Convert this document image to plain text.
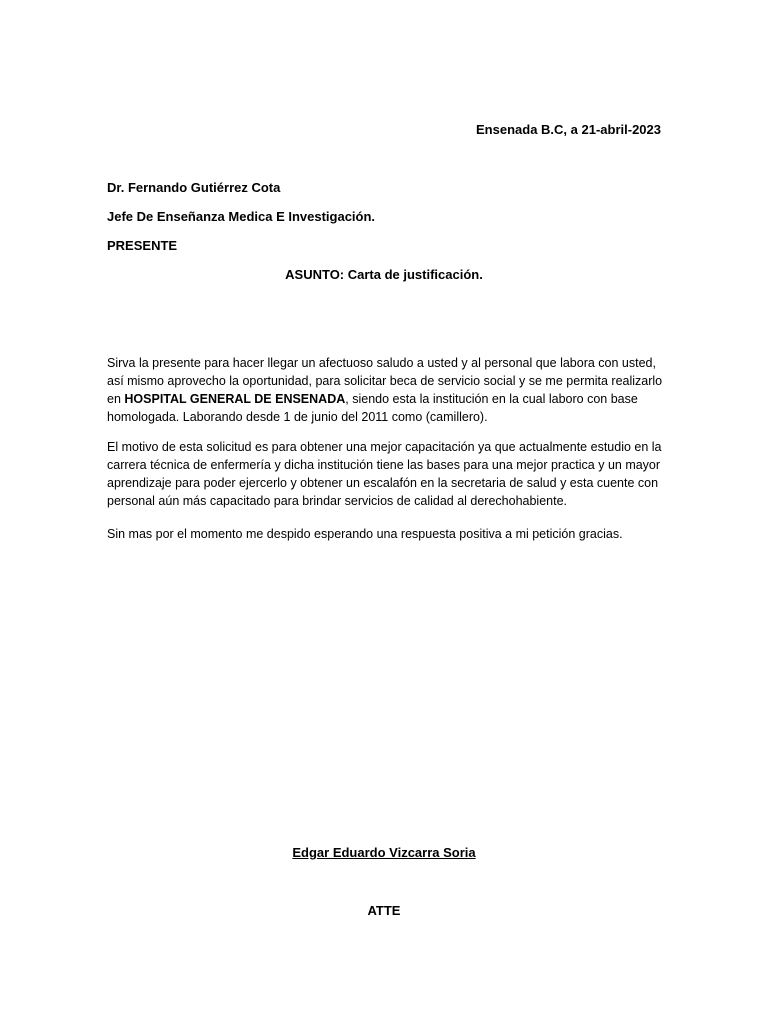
Ensenada B.C, a 21-abril-2023

Dr. Fernando Gutiérrez Cota

Jefe De Enseñanza Medica E Investigación.

PRESENTE

ASUNTO: Carta de justificación.

Sirva la presente para hacer llegar un afectuoso saludo a usted y al personal que labora con usted, así mismo aprovecho la oportunidad, para solicitar beca de servicio social y se me permita realizarlo en HOSPITAL GENERAL DE ENSENADA, siendo esta la institución en la cual laboro con base homologada. Laborando desde 1 de junio del 2011 como (camillero).

El motivo de esta solicitud es para obtener una mejor capacitación ya que actualmente estudio en la carrera técnica de enfermería y dicha institución tiene las bases para una mejor practica y un mayor aprendizaje para poder ejercerlo y obtener un escalafón en la secretaria de salud y esta cuente con personal aún más capacitado para brindar servicios de calidad al derechohabiente.

Sin mas por el momento me despido esperando una respuesta positiva a mi petición gracias.

Edgar Eduardo Vizcarra Soria

ATTE
